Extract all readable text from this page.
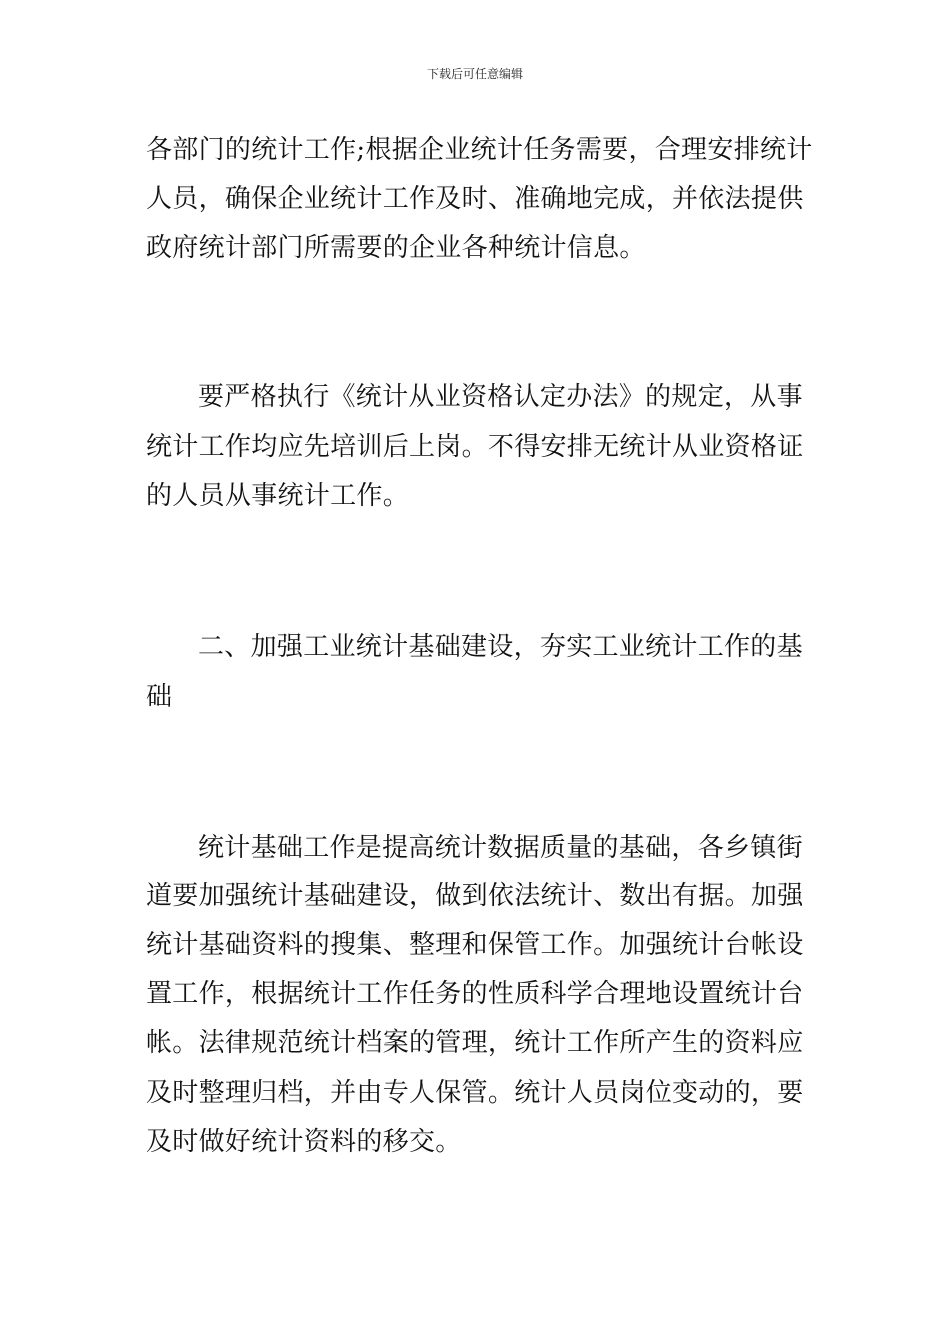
下载后可任意编辑
各部门的统计工作;根据企业统计任务需要，合理安排统计
人员，确保企业统计工作及时、准确地完成，并依法提供
政府统计部门所需要的企业各种统计信息。
要严格执行《统计从业资格认定办法》的规定，从事
统计工作均应先培训后上岗。不得安排无统计从业资格证
的人员从事统计工作。
二、加强工业统计基础建设，夯实工业统计工作的基
础
统计基础工作是提高统计数据质量的基础，各乡镇街
道要加强统计基础建设，做到依法统计、数出有据。加强
统计基础资料的搜集、整理和保管工作。加强统计台帐设
置工作，根据统计工作任务的性质科学合理地设置统计台
帐。法律规范统计档案的管理，统计工作所产生的资料应
及时整理归档，并由专人保管。统计人员岗位变动的，要
及时做好统计资料的移交。
